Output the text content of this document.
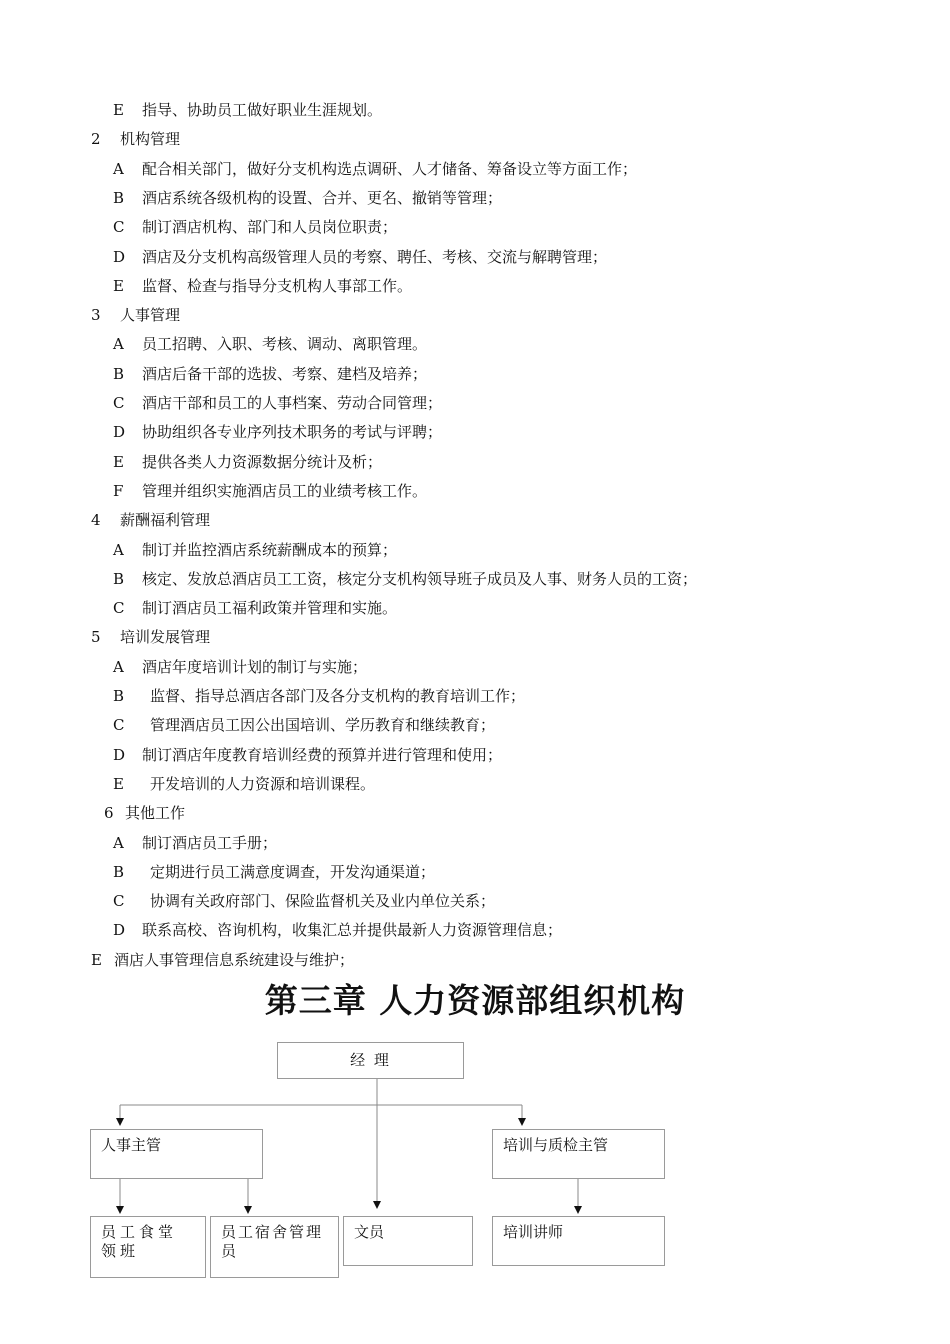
E 指导、协助员工做好职业生涯规划。
2 机构管理
A 配合相关部门，做好分支机构选点调研、人才储备、筹备设立等方面工作；
B 酒店系统各级机构的设置、合并、更名、撤销等管理；
C 制订酒店机构、部门和人员岗位职责；
D 酒店及分支机构高级管理人员的考察、聘任、考核、交流与解聘管理；
E 监督、检查与指导分支机构人事部工作。
3 人事管理
A 员工招聘、入职、考核、调动、离职管理。
B 酒店后备干部的选拔、考察、建档及培养；
C 酒店干部和员工的人事档案、劳动合同管理；
D 协助组织各专业序列技术职务的考试与评聘；
E 提供各类人力资源数据分统计及析；
F 管理并组织实施酒店员工的业绩考核工作。
4 薪酬福利管理
A 制订并监控酒店系统薪酬成本的预算；
B 核定、发放总酒店员工工资，核定分支机构领导班子成员及人事、财务人员的工资；
C 制订酒店员工福利政策并管理和实施。
5 培训发展管理
A 酒店年度培训计划的制订与实施；
B 监督、指导总酒店各部门及各分支机构的教育培训工作；
C 管理酒店员工因公出国培训、学历教育和继续教育；
D 制订酒店年度教育培训经费的预算并进行管理和使用；
E 开发培训的人力资源和培训课程。
6 其他工作
A 制订酒店员工手册；
B 定期进行员工满意度调查，开发沟通渠道；
C 协调有关政府部门、保险监督机关及业内单位关系；
D 联系高校、咨询机构，收集汇总并提供最新人力资源管理信息；
E 酒店人事管理信息系统建设与维护；
第三章 人力资源部组织机构
经 理
人事主管	培训与质检主管
员工食堂领班
员工宿舍管理员
文员	培训讲师
